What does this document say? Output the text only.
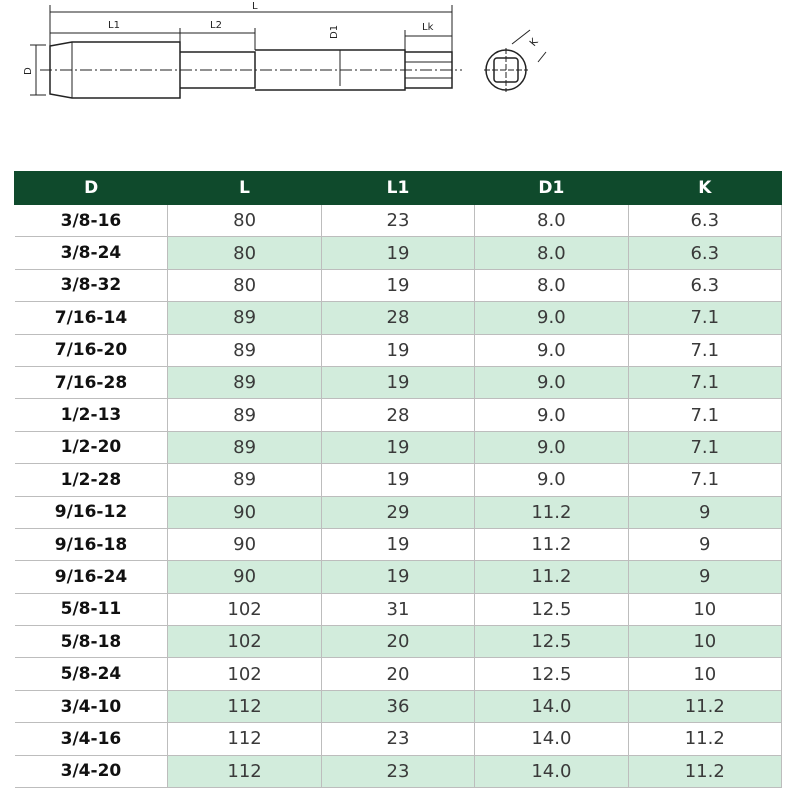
L
L1	L2	D1	Lk
D
K
D	L	L1	D1	K
3/8-16	80	23	8.0	6.3
3/8-24	80	19	8.0	6.3
3/8-32	80	19	8.0	6.3
7/16-14	89	28	9.0	7.1
7/16-20	89	19	9.0	7.1
7/16-28	89	19	9.0	7.1
1/2-13	89	28	9.0	7.1
1/2-20	89	19	9.0	7.1
1/2-28	89	19	9.0	7.1
9/16-12	90	29	11.2	9
9/16-18	90	19	11.2	9
9/16-24	90	19	11.2	9
5/8-11	102	31	12.5	10
5/8-18	102	20	12.5	10
5/8-24	102	20	12.5	10
3/4-10	112	36	14.0	11.2
3/4-16	112	23	14.0	11.2
3/4-20	112	23	14.0	11.2
